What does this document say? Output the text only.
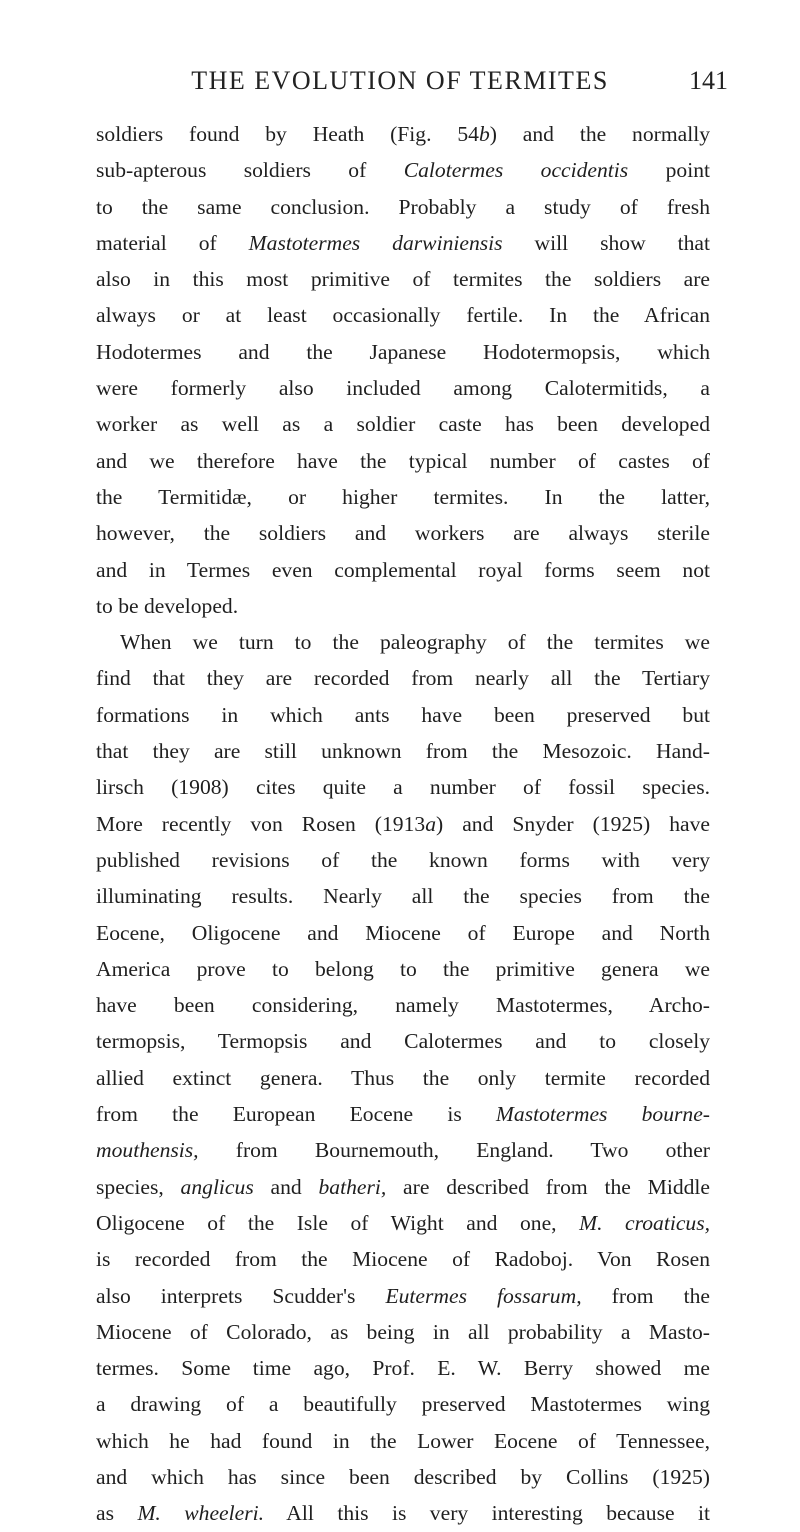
THE EVOLUTION OF TERMITES	141
soldiers found by Heath (Fig. 54b) and the normally
sub-apterous soldiers of Calotermes occidentis point
to the same conclusion. Probably a study of fresh
material of Mastotermes darwiniensis will show that
also in this most primitive of termites the soldiers are
always or at least occasionally fertile. In the African
Hodotermes and the Japanese Hodotermopsis, which
were formerly also included among Calotermitids, a
worker as well as a soldier caste has been developed
and we therefore have the typical number of castes of
the Termitidæ, or higher termites. In the latter,
however, the soldiers and workers are always sterile
and in Termes even complemental royal forms seem not
to be developed.
When we turn to the paleography of the termites we
find that they are recorded from nearly all the Tertiary
formations in which ants have been preserved but
that they are still unknown from the Mesozoic. Hand-
lirsch (1908) cites quite a number of fossil species.
More recently von Rosen (1913a) and Snyder (1925) have
published revisions of the known forms with very
illuminating results. Nearly all the species from the
Eocene, Oligocene and Miocene of Europe and North
America prove to belong to the primitive genera we
have been considering, namely Mastotermes, Archo-
termopsis, Termopsis and Calotermes and to closely
allied extinct genera. Thus the only termite recorded
from the European Eocene is Mastotermes bourne-
mouthensis, from Bournemouth, England. Two other
species, anglicus and batheri, are described from the Middle
Oligocene of the Isle of Wight and one, M. croaticus,
is recorded from the Miocene of Radoboj. Von Rosen
also interprets Scudder's Eutermes fossarum, from the
Miocene of Colorado, as being in all probability a Masto-
termes. Some time ago, Prof. E. W. Berry showed me
a drawing of a beautifully preserved Mastotermes wing
which he had found in the Lower Eocene of Tennessee,
and which has since been described by Collins (1925)
as M. wheeleri. All this is very interesting because it
